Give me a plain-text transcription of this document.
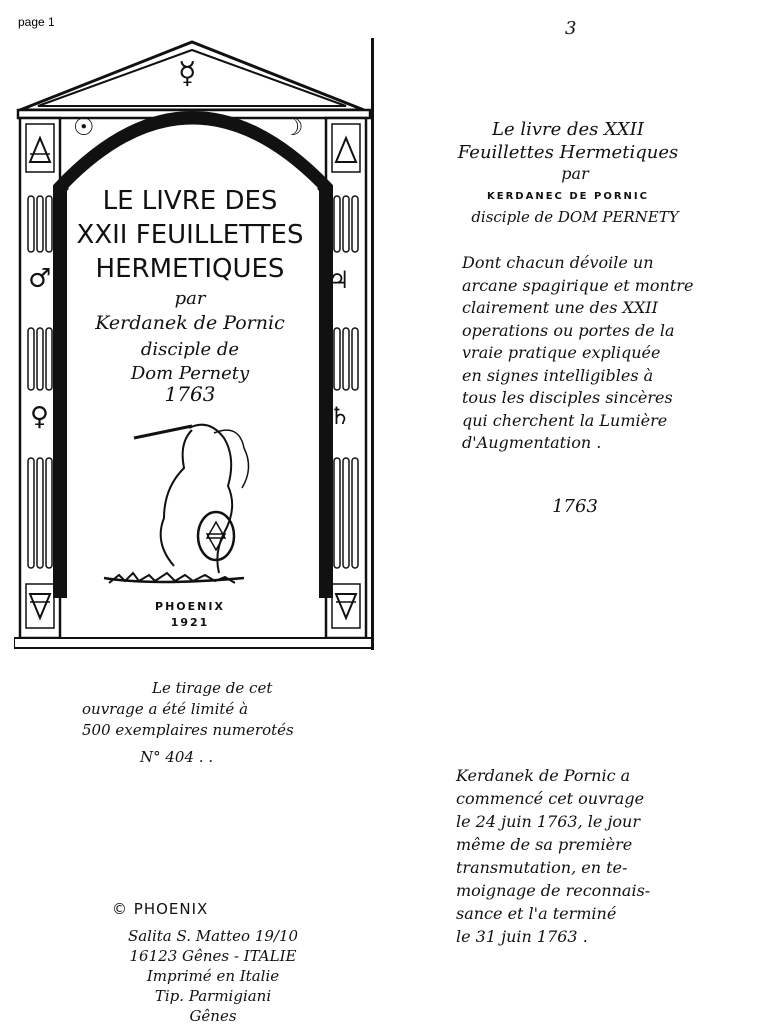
page 1	3
☿
☉	☽
♂	♃
♀	♄
LE LIVRE DES
XXII FEUILLETTES
HERMETIQUES
par
Kerdanek de Pornic
disciple de
Dom Pernety
1763
PHOENIX
1921
Le livre des XXII
Feuillettes Hermetiques
par
KERDANEC DE PORNIC
disciple de DOM PERNETY
Dont chacun dévoile un
arcane spagirique et montre
clairement une des XXII
operations ou portes de la
vraie pratique expliquée
en signes intelligibles à
tous les disciples sincères
qui cherchent la Lumière
d'Augmentation .
1763
Le tirage de cet
ouvrage a été limité à
500 exemplaires numerotés
N° 404 . .
Kerdanek de Pornic a
commencé cet ouvrage
le 24 juin 1763, le jour
même de sa première
transmutation, en te-
moignage de reconnais-
sance et l'a terminé
le 31 juin 1763 .
© PHOENIX
Salita S. Matteo 19/10
16123 Gênes - ITALIE
Imprimé en Italie
Tip. Parmigiani
Gênes
